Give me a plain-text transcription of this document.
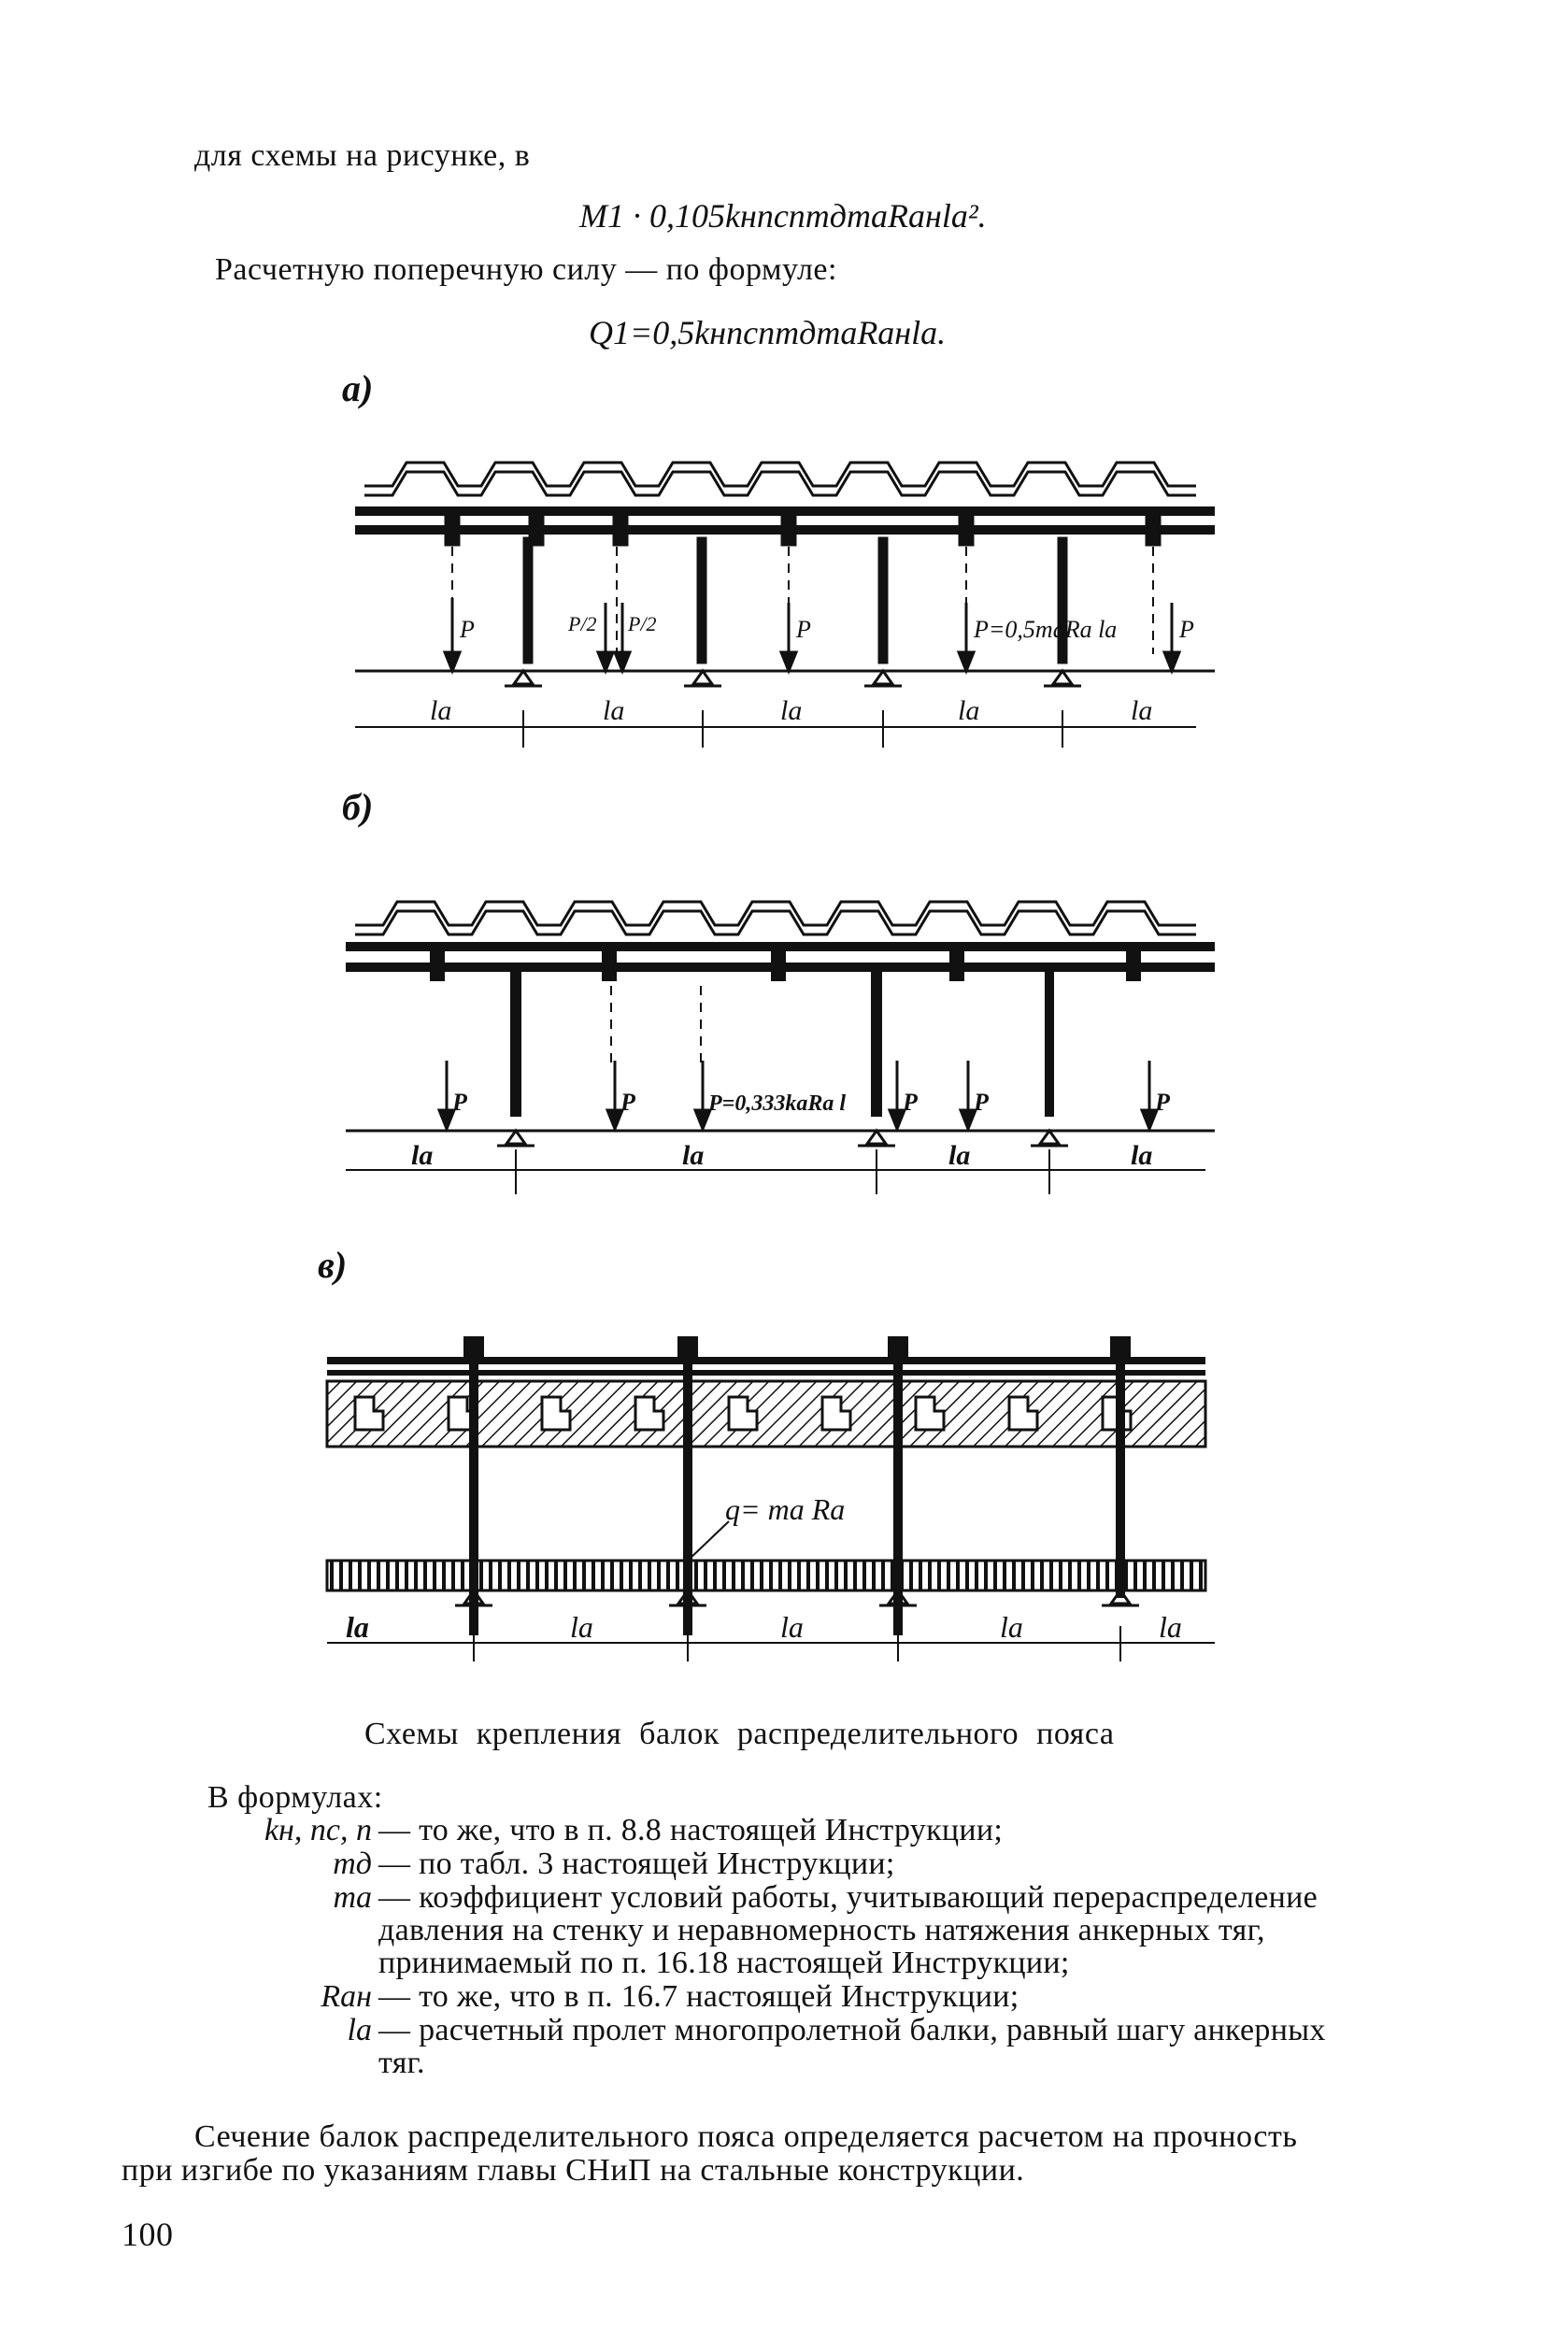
для схемы на рисунке, в
M1 · 0,105kнnсnmдmаRанlа².
Расчетную поперечную силу — по формуле:
Q1=0,5kнnсnmдmаRанlа.
а)
la	la	la	la	la
P	P/2 P/2	P	P=0,5maRa la	P
б)
la	la	la	la
P	P	P=0,333kaRa l P P	P
в)
q= ma Ra
la	la	la	la	la
Схемы крепления балок распределительного пояса
В формулах:
kн, nс, n — то же, что в п. 8.8 настоящей Инструкции;
mд — по табл. 3 настоящей Инструкции;
mа — коэффициент условий работы, учитывающий перераспределение
давления на стенку и неравномерность натяжения анкерных тяг,
принимаемый по п. 16.18 настоящей Инструкции;
Rан — то же, что в п. 16.7 настоящей Инструкции;
lа — расчетный пролет многопролетной балки, равный шагу анкерных
тяг.
Сечение балок распределительного пояса определяется расчетом на прочность
при изгибе по указаниям главы СНиП на стальные конструкции.
100
